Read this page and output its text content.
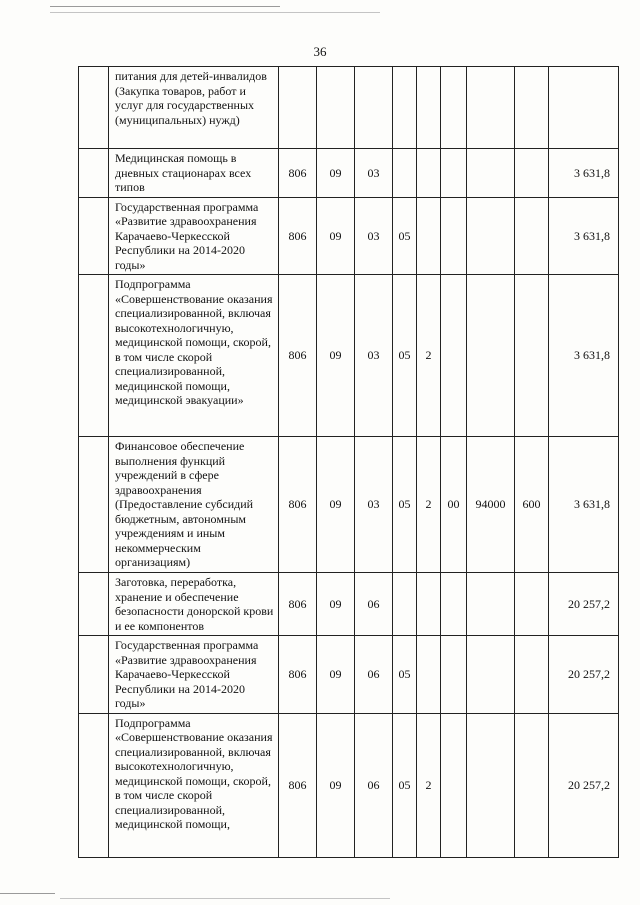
36
	питания для детей-инвалидов (Закупка товаров, работ и услуг для государственных (муниципальных) нужд)									
	Медицинская помощь в дневных стационарах всех типов	806	09	03						3 631,8
	Государственная программа «Развитие здравоохранения Карачаево-Черкесской Республики на 2014-2020 годы»	806	09	03	05					3 631,8
	Подпрограмма «Совершенствование оказания специализированной, включая высокотехнологичную, медицинской помощи, скорой, в том числе скорой специализированной, медицинской помощи, медицинской эвакуации»	806	09	03	05	2				3 631,8
	Финансовое обеспечение выполнения функций учреждений в сфере здравоохранения (Предоставление субсидий бюджетным, автономным учреждениям и иным некоммерческим организациям)	806	09	03	05	2	00	94000	600	3 631,8
	Заготовка, переработка, хранение и обеспечение безопасности донорской крови и ее компонентов	806	09	06						20 257,2
	Государственная программа «Развитие здравоохранения Карачаево-Черкесской Республики на 2014-2020 годы»	806	09	06	05					20 257,2
	Подпрограмма «Совершенствование оказания специализированной, включая высокотехнологичную, медицинской помощи, скорой, в том числе скорой специализированной, медицинской помощи,	806	09	06	05	2				20 257,2
